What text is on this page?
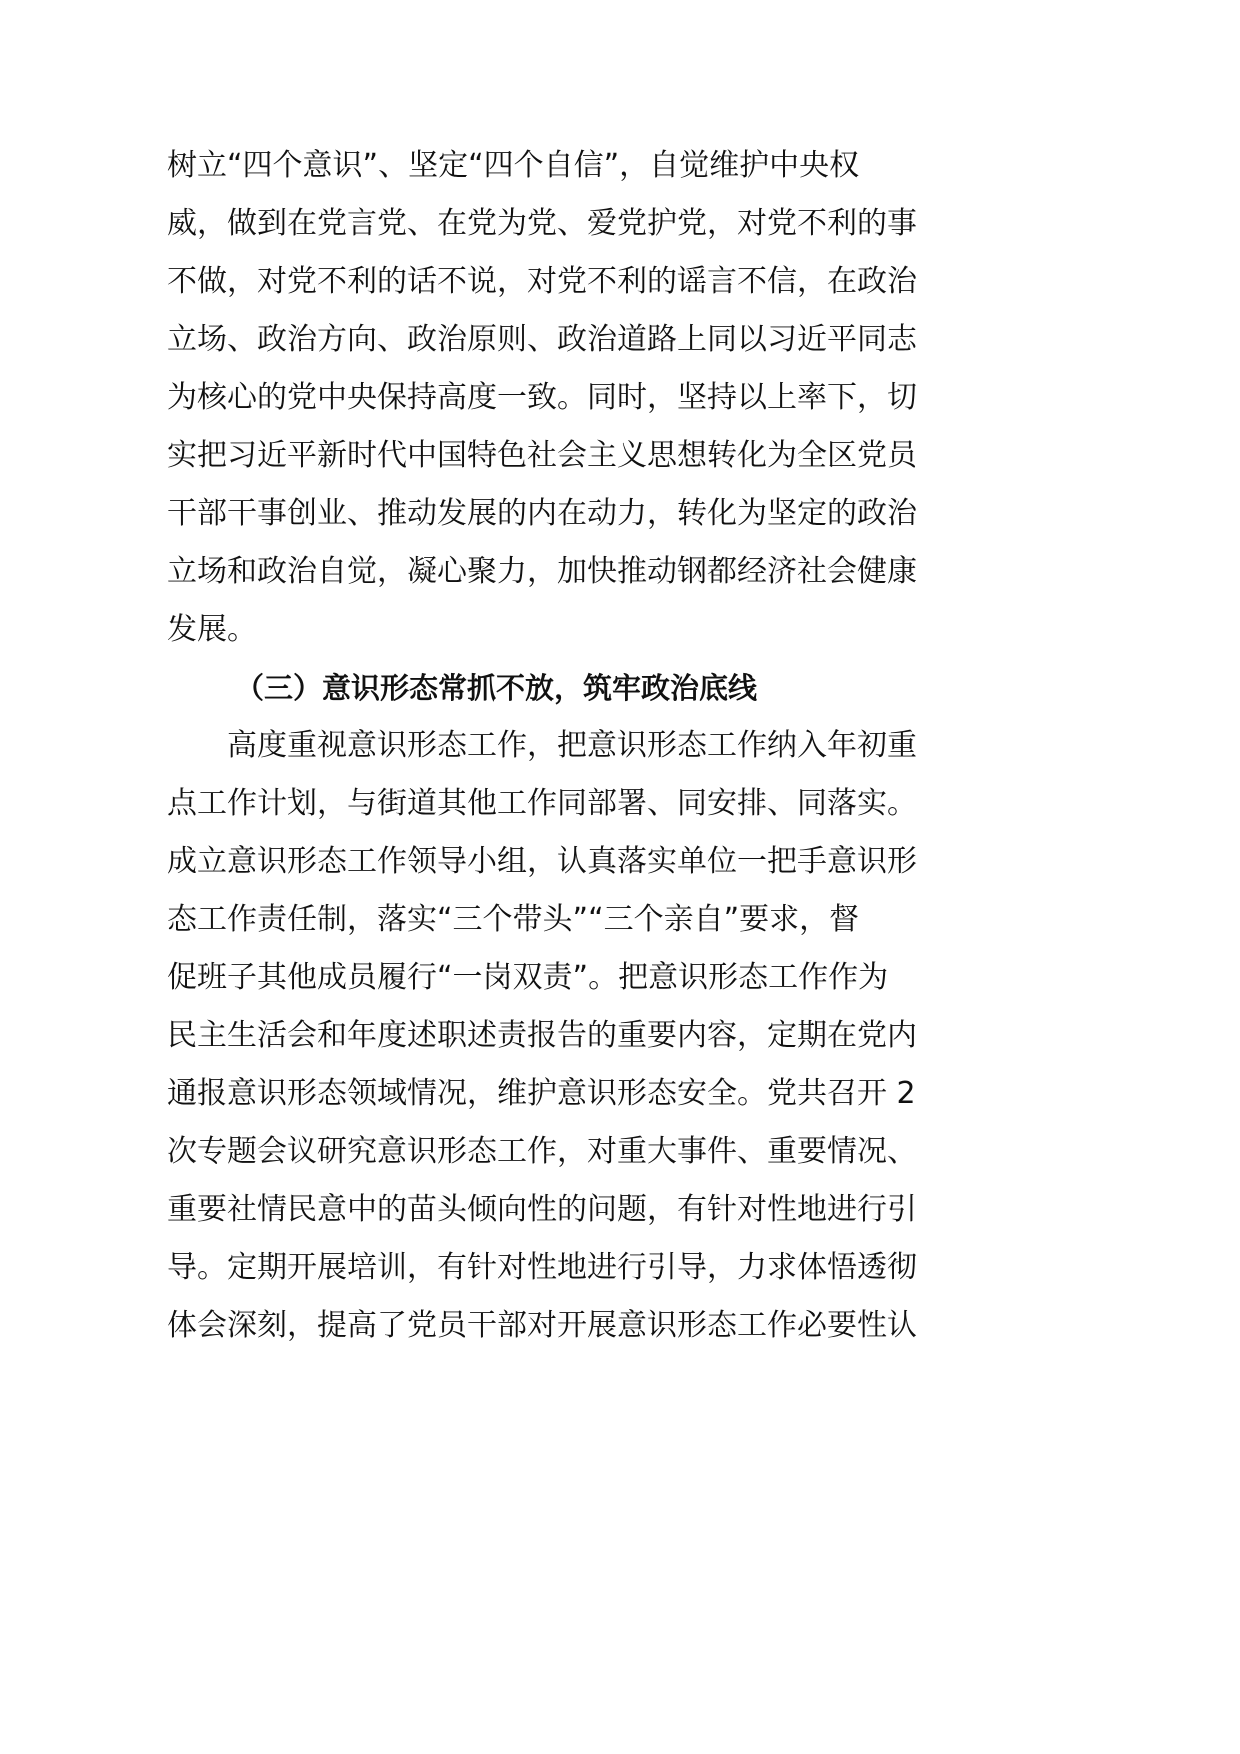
树立“四个意识”、坚定“四个自信”，自觉维护中央权
威，做到在党言党、在党为党、爱党护党，对党不利的事
不做，对党不利的话不说，对党不利的谣言不信，在政治
立场、政治方向、政治原则、政治道路上同以习近平同志
为核心的党中央保持高度一致。同时，坚持以上率下，切
实把习近平新时代中国特色社会主义思想转化为全区党员
干部干事创业、推动发展的内在动力，转化为坚定的政治
立场和政治自觉，凝心聚力，加快推动钢都经济社会健康
发展。
（三）意识形态常抓不放，筑牢政治底线
高度重视意识形态工作，把意识形态工作纳入年初重
点工作计划，与街道其他工作同部署、同安排、同落实。
成立意识形态工作领导小组，认真落实单位一把手意识形
态工作责任制，落实“三个带头”“三个亲自”要求，督
促班子其他成员履行“一岗双责”。把意识形态工作作为
民主生活会和年度述职述责报告的重要内容，定期在党内
通报意识形态领域情况，维护意识形态安全。党共召开 2
次专题会议研究意识形态工作，对重大事件、重要情况、
重要社情民意中的苗头倾向性的问题，有针对性地进行引
导。定期开展培训，有针对性地进行引导，力求体悟透彻
体会深刻，提高了党员干部对开展意识形态工作必要性认
